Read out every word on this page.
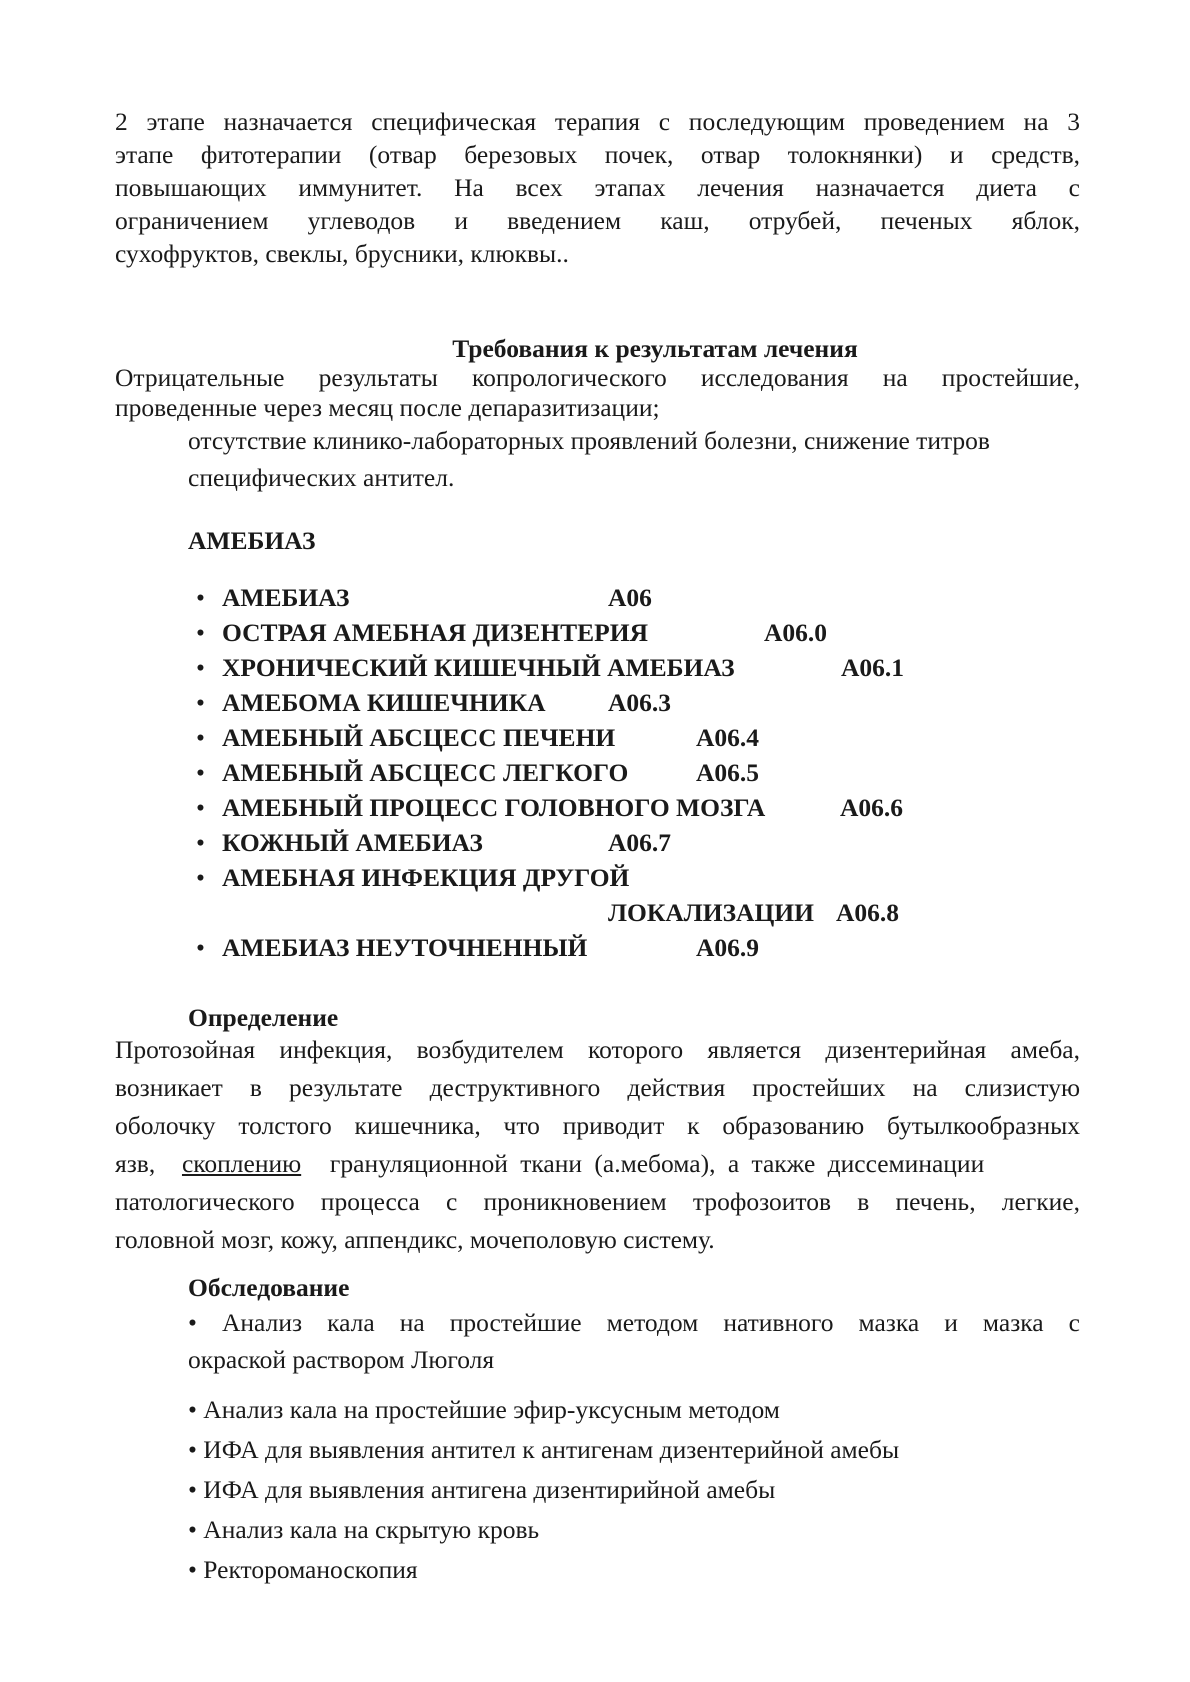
2 этапе назначается специфическая терапия с последующим проведением на 3
этапе фитотерапии (отвар березовых почек, отвар толокнянки) и средств,
повышающих иммунитет. На всех этапах лечения назначается диета с
ограничением углеводов и введением каш, отрубей, печеных яблок,
сухофруктов, свеклы, брусники, клюквы..
Требования к результатам лечения
Отрицательные результаты копрологического исследования на простейшие,
проведенные через месяц после депаразитизации;
отсутствие клинико-лабораторных проявлений болезни, снижение титров
специфических антител.
АМЕБИАЗ
• АМЕБИАЗ	А06
• ОСТРАЯ АМЕБНАЯ ДИЗЕНТЕРИЯ	А06.0
• ХРОНИЧЕСКИЙ КИШЕЧНЫЙ АМЕБИАЗ	А06.1
• АМЕБОМА КИШЕЧНИКА А06.3
• АМЕБНЫЙ АБСЦЕСС ПЕЧЕНИ	А06.4
• АМЕБНЫЙ АБСЦЕСС ЛЕГКОГО	А06.5
• АМЕБНЫЙ ПРОЦЕСС ГОЛОВНОГО МОЗГА	А06.6
• КОЖНЫЙ АМЕБИАЗ	А06.7
• АМЕБНАЯ ИНФЕКЦИЯ ДРУГОЙ
ЛОКАЛИЗАЦИИ А06.8
• АМЕБИАЗ НЕУТОЧНЕННЫЙ	А06.9
Определение
Протозойная инфекция, возбудителем которого является дизентерийная амеба,
возникает в результате деструктивного действия простейших на слизистую
оболочку толстого кишечника, что приводит к образованию бутылкообразных
язв, скоплению грануляционной ткани (а.мебома), а также диссеминации
патологического процесса с проникновением трофозоитов в печень, легкие,
головной мозг, кожу, аппендикс, мочеполовую систему.
Обследование
• Анализ кала на простейшие методом нативного мазка и мазка с
окраской раствором Люголя
• Анализ кала на простейшие эфир-уксусным методом
• ИФА для выявления антител к антигенам дизентерийной амебы
• ИФА для выявления антигена дизентирийной амебы
• Анализ кала на скрытую кровь
• Ректороманоскопия
